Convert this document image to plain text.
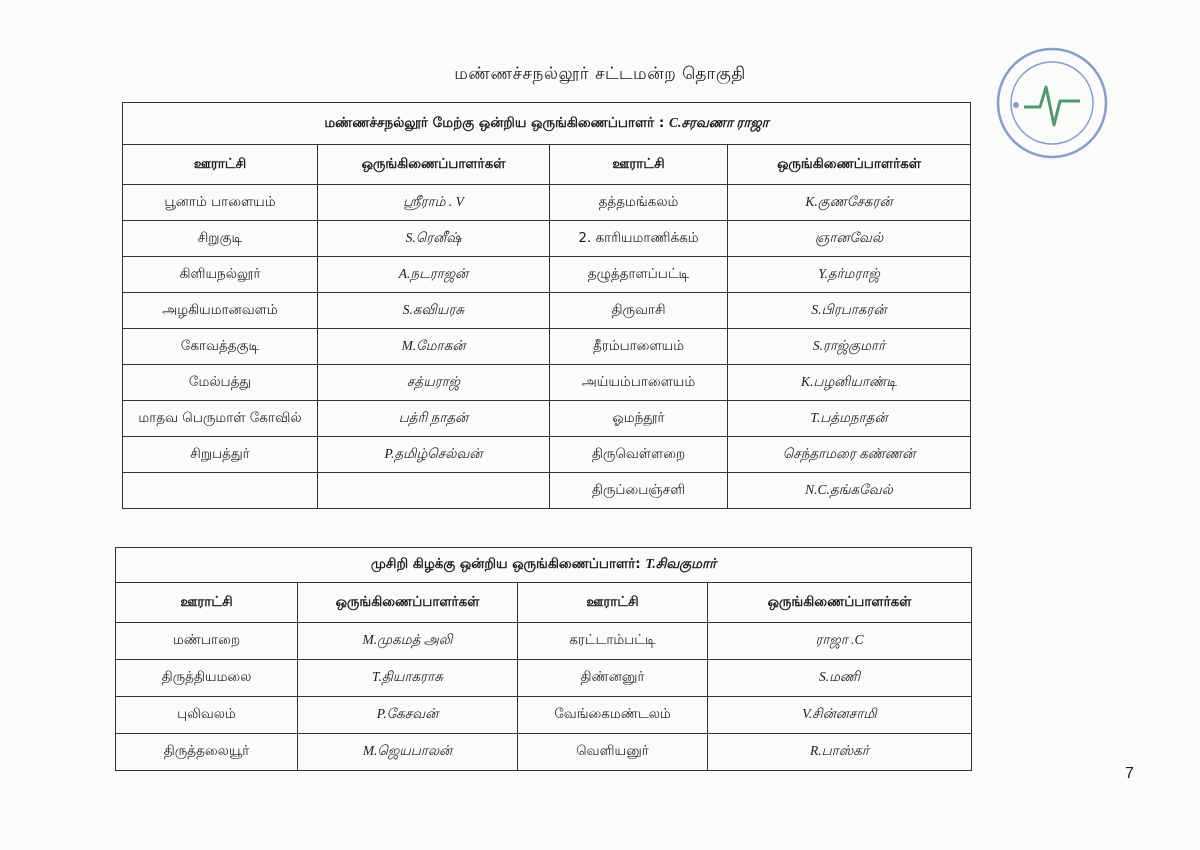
மண்ணச்சநல்லூர் சட்டமன்ற தொகுதி
மண்ணச்சநல்லூர் மேற்கு ஒன்றிய ஒருங்கிணைப்பாளர் : C.சரவணா ராஜா			
ஊராட்சி	ஒருங்கிணைப்பாளர்கள்	ஊராட்சி	ஒருங்கிணைப்பாளர்கள்
பூனாம் பாளையம்	ஸ்ரீராம் . V	தத்தமங்கலம்	K.குணசேகரன்
சிறுகுடி	S.ரெனீஷ்	2. காரியமாணிக்கம்	ஞானவேல்
கிளியநல்லூர்	A.நடராஜன்	தழுத்தாளப்பட்டி	Y.தர்மராஜ்
அழகியமானவளம்	S.கவியரசு	திருவாசி	S.பிரபாகரன்
கோவத்தகுடி	M.மோகன்	தீரம்பாளையம்	S.ராஜ்குமார்
மேல்பத்து	சத்யராஜ்	அய்யம்பாளையம்	K.பழனியாண்டி
மாதவ பெருமாள் கோவில்	பத்ரி நாதன்	ஓமந்தூர்	T.பத்மநாதன்
சிறுபத்துர்	P.தமிழ்செல்வன்	திருவெள்ளறை	செந்தாமரை கண்ணன்
		திருப்பைஞ்சளி	N.C.தங்கவேல்
முசிறி கிழக்கு ஒன்றிய ஒருங்கிணைப்பாளர்: T.சிவகுமார்			
ஊராட்சி	ஒருங்கிணைப்பாளர்கள்	ஊராட்சி	ஒருங்கிணைப்பாளர்கள்
மண்பாறை	M.முகமத் அலி	கரட்டாம்பட்டி	ராஜா .C
திருத்தியமலை	T.தியாகராசு	திண்னனுர்	S.மணி
புலிவலம்	P.கேசவன்	வேங்கைமண்டலம்	V.சின்னசாமி
திருத்தலையூர்	M.ஜெயபாலன்	வெளியனுர்	R.பாஸ்கர்
7
